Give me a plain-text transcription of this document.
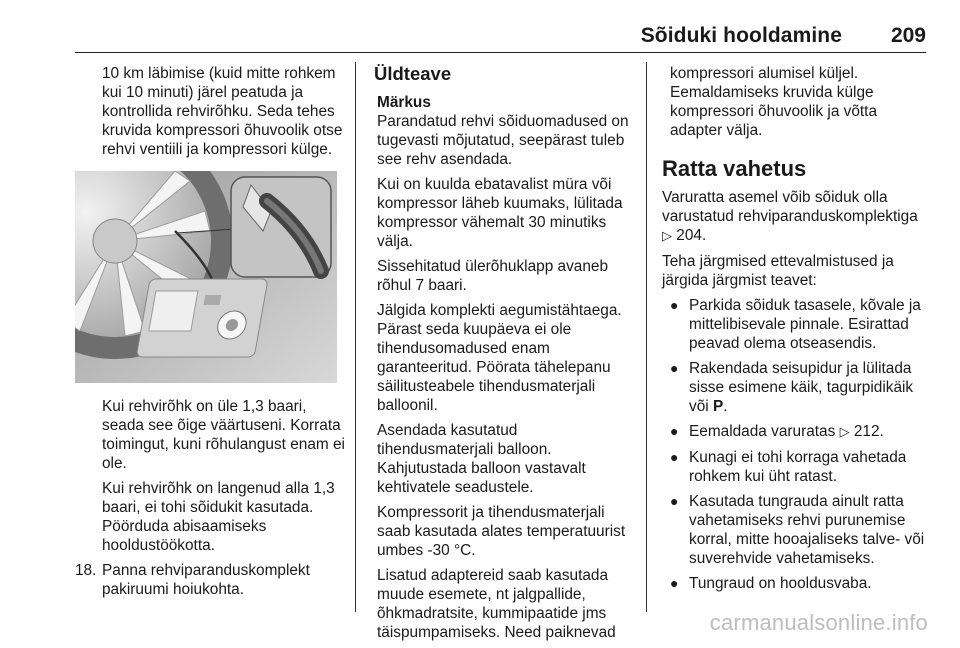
Sõiduki hooldamine 209

10 km läbimise (kuid mitte rohkem kui 10 minuti) järel peatuda ja kontrollida rehvirõhku. Seda tehes kruvida kompressori õhuvoolik otse rehvi ventiili ja kompressori külge.

Kui rehvirõhk on üle 1,3 baari, seada see õige väärtuseni. Korrata toimingut, kuni rõhulangust enam ei ole.

Kui rehvirõhk on langenud alla 1,3 baari, ei tohi sõidukit kasutada. Pöörduda abisaamiseks hooldustöökotta.

18. Panna rehviparanduskomplekt pakiruumi hoiukohta.
Üldteave
Märkus

Parandatud rehvi sõiduomadused on tugevasti mõjutatud, seepärast tuleb see rehv asendada.

Kui on kuulda ebatavalist müra või kompressor läheb kuumaks, lülitada kompressor vähemalt 30 minutiks välja.

Sissehitatud ülerõhuklapp avaneb rõhul 7 baari.

Jälgida komplekti aegumistähtaega. Pärast seda kuupäeva ei ole tihendusomadused enam garanteeritud. Pöörata tähelepanu säilitusteabele tihendusmaterjali balloonil.

Asendada kasutatud tihendusmaterjali balloon. Kahjutustada balloon vastavalt kehtivatele seadustele.

Kompressorit ja tihendusmaterjali saab kasutada alates temperatuurist umbes -30 °C.

Lisatud adaptereid saab kasutada muude esemete, nt jalgpallide, õhkmadratsite, kummipaatide jms täispumpamiseks. Need paiknevad

kompressori alumisel küljel. Eemaldamiseks kruvida külge kompressori õhuvoolik ja võtta adapter välja.

Ratta vahetus

Varuratta asemel võib sõiduk olla varustatud rehviparanduskomplektiga ▷ 204.

Teha järgmised ettevalmistused ja järgida järgmist teavet:

● Parkida sõiduk tasasele, kõvale ja mittelibisevale pinnale. Esirattad peavad olema otseasendis.
● Rakendada seisupidur ja lülitada sisse esimene käik, tagurpidikäik või P.
● Eemaldada varuratas ▷ 212.
● Kunagi ei tohi korraga vahetada rohkem kui üht ratast.
● Kasutada tungrauda ainult ratta vahetamiseks rehvi purunemise korral, mitte hooajaliseks talve- või suverehvide vahetamiseks.
● Tungraud on hooldusvaba.
carmanualsonline.info
